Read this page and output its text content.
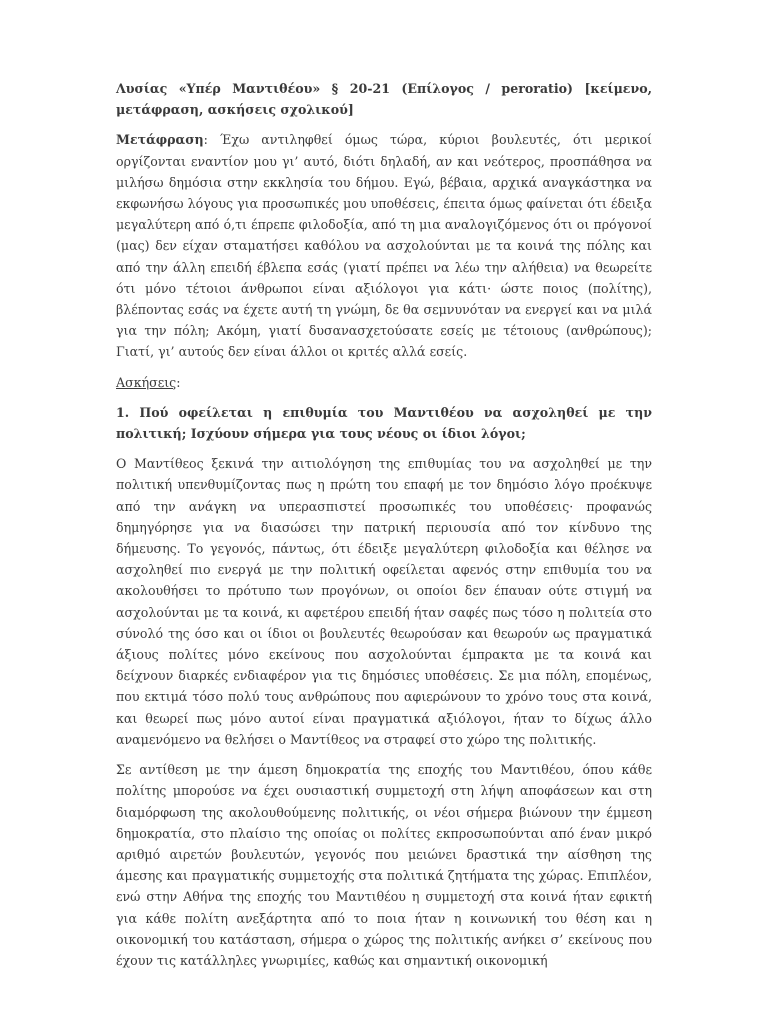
Λυσίας «Υπέρ Μαντιθέου» § 20-21 (Επίλογος / peroratio) [κείμενο, μετάφραση, ασκήσεις σχολικού]

Μετάφραση: Έχω αντιληφθεί όμως τώρα, κύριοι βουλευτές, ότι μερικοί οργίζονται εναντίον μου γι’ αυτό, διότι δηλαδή, αν και νεότερος, προσπάθησα να μιλήσω δημόσια στην εκκλησία του δήμου. Εγώ, βέβαια, αρχικά αναγκάστηκα να εκφωνήσω λόγους για προσωπικές μου υποθέσεις, έπειτα όμως φαίνεται ότι έδειξα μεγαλύτερη από ό,τι έπρεπε φιλοδοξία, από τη μια αναλογιζόμενος ότι οι πρόγονοί (μας) δεν είχαν σταματήσει καθόλου να ασχολούνται με τα κοινά της πόλης και από την άλλη επειδή έβλεπα εσάς (γιατί πρέπει να λέω την αλήθεια) να θεωρείτε ότι μόνο τέτοιοι άνθρωποι είναι αξιόλογοι για κάτι· ώστε ποιος (πολίτης), βλέποντας εσάς να έχετε αυτή τη γνώμη, δε θα σεμνυνόταν να ενεργεί και να μιλά για την πόλη; Ακόμη, γιατί δυσανασχετούσατε εσείς με τέτοιους (ανθρώπους); Γιατί, γι’ αυτούς δεν είναι άλλοι οι κριτές αλλά εσείς.

Ασκήσεις:

1. Πού οφείλεται η επιθυμία του Μαντιθέου να ασχοληθεί με την πολιτική; Ισχύουν σήμερα για τους νέους οι ίδιοι λόγοι;

Ο Μαντίθεος ξεκινά την αιτιολόγηση της επιθυμίας του να ασχοληθεί με την πολιτική υπενθυμίζοντας πως η πρώτη του επαφή με τον δημόσιο λόγο προέκυψε από την ανάγκη να υπερασπιστεί προσωπικές του υποθέσεις· προφανώς δημηγόρησε για να διασώσει την πατρική περιουσία από τον κίνδυνο της δήμευσης. Το γεγονός, πάντως, ότι έδειξε μεγαλύτερη φιλοδοξία και θέλησε να ασχοληθεί πιο ενεργά με την πολιτική οφείλεται αφενός στην επιθυμία του να ακολουθήσει το πρότυπο των προγόνων, οι οποίοι δεν έπαυαν ούτε στιγμή να ασχολούνται με τα κοινά, κι αφετέρου επειδή ήταν σαφές πως τόσο η πολιτεία στο σύνολό της όσο και οι ίδιοι οι βουλευτές θεωρούσαν και θεωρούν ως πραγματικά άξιους πολίτες μόνο εκείνους που ασχολούνται έμπρακτα με τα κοινά και δείχνουν διαρκές ενδιαφέρον για τις δημόσιες υποθέσεις. Σε μια πόλη, επομένως, που εκτιμά τόσο πολύ τους ανθρώπους που αφιερώνουν το χρόνο τους στα κοινά, και θεωρεί πως μόνο αυτοί είναι πραγματικά αξιόλογοι, ήταν το δίχως άλλο αναμενόμενο να θελήσει ο Μαντίθεος να στραφεί στο χώρο της πολιτικής.

Σε αντίθεση με την άμεση δημοκρατία της εποχής του Μαντιθέου, όπου κάθε πολίτης μπορούσε να έχει ουσιαστική συμμετοχή στη λήψη αποφάσεων και στη διαμόρφωση της ακολουθούμενης πολιτικής, οι νέοι σήμερα βιώνουν την έμμεση δημοκρατία, στο πλαίσιο της οποίας οι πολίτες εκπροσωπούνται από έναν μικρό αριθμό αιρετών βουλευτών, γεγονός που μειώνει δραστικά την αίσθηση της άμεσης και πραγματικής συμμετοχής στα πολιτικά ζητήματα της χώρας. Επιπλέον, ενώ στην Αθήνα της εποχής του Μαντιθέου η συμμετοχή στα κοινά ήταν εφικτή για κάθε πολίτη ανεξάρτητα από το ποια ήταν η κοινωνική του θέση και η οικονομική του κατάσταση, σήμερα ο χώρος της πολιτικής ανήκει σ’ εκείνους που έχουν τις κατάλληλες γνωριμίες, καθώς και σημαντική οικονομική
